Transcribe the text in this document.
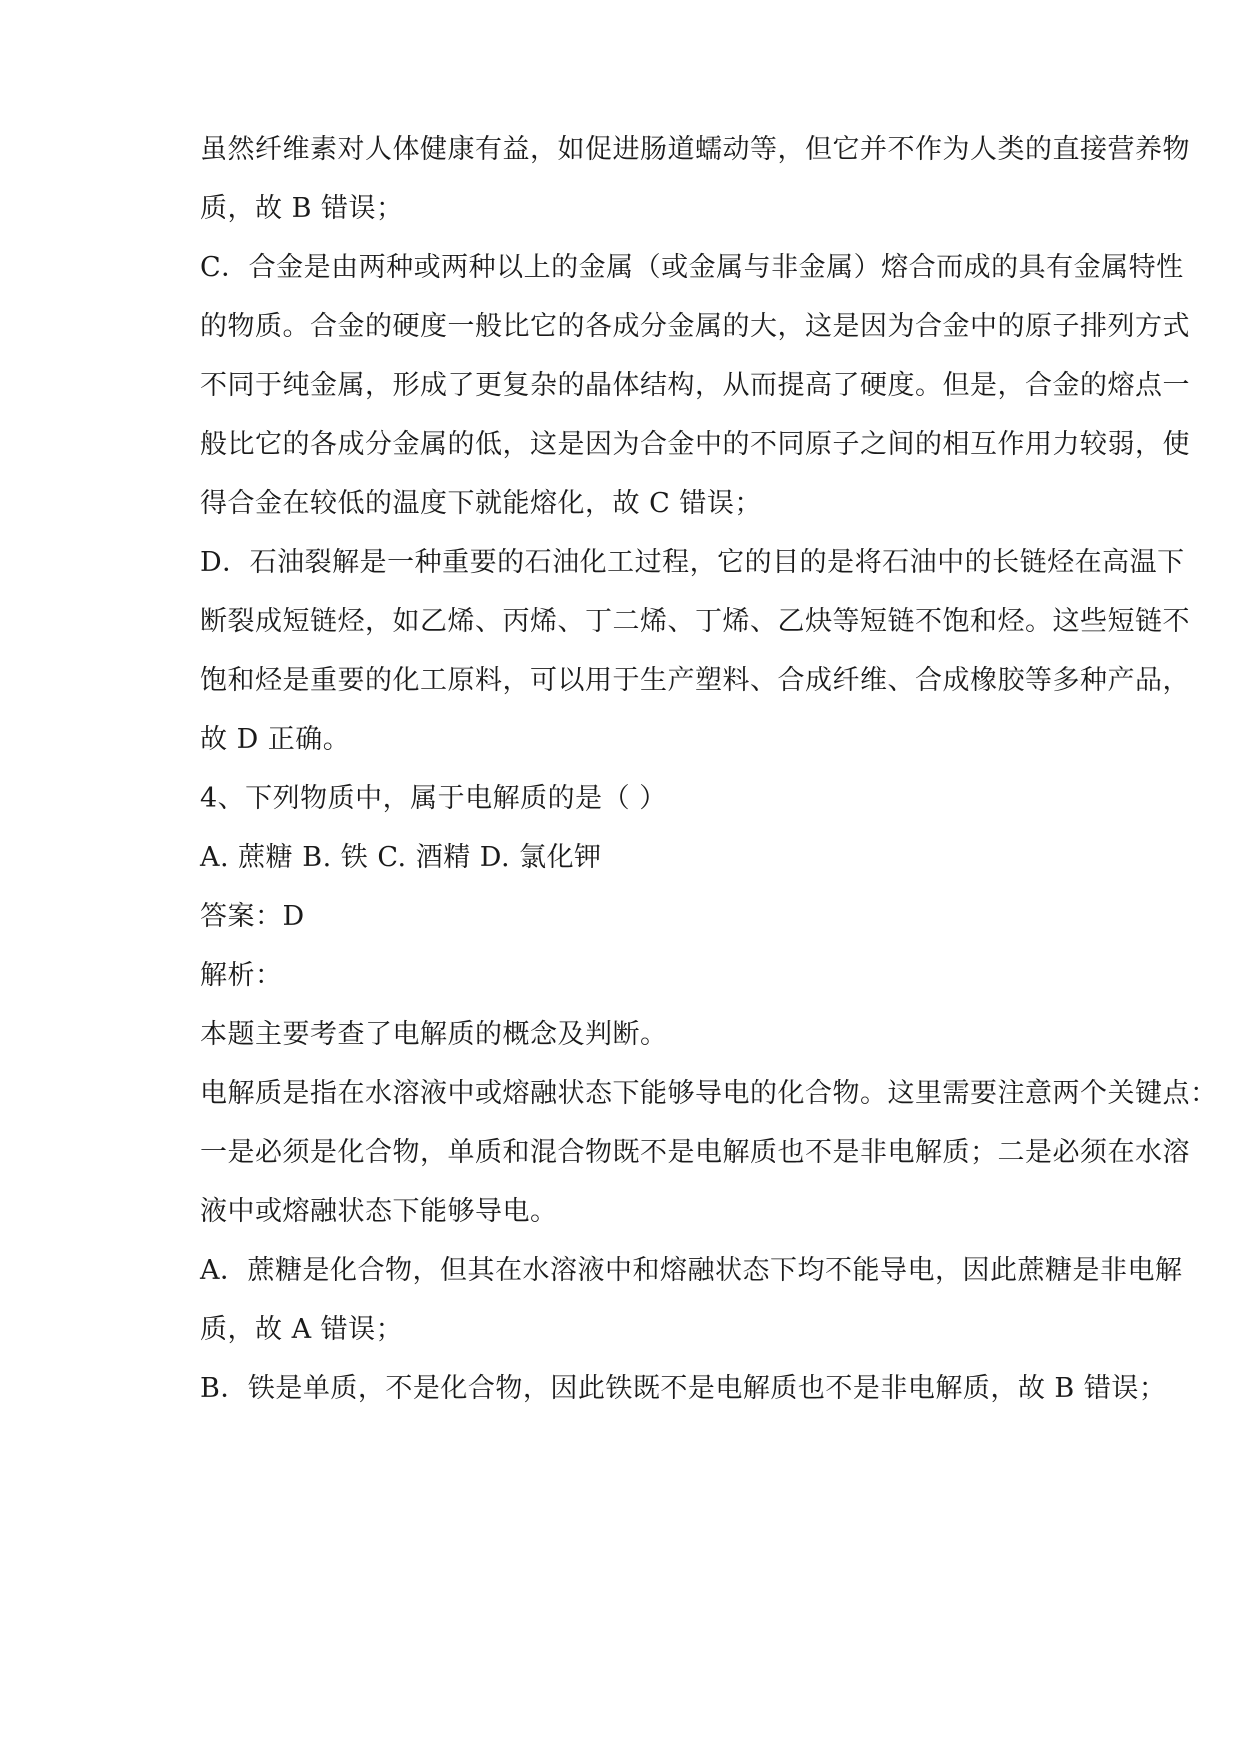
虽然纤维素对人体健康有益，如促进肠道蠕动等，但它并不作为人类的直接营养物
质，故 B 错误；
C．合金是由两种或两种以上的金属（或金属与非金属）熔合而成的具有金属特性
的物质。合金的硬度一般比它的各成分金属的大，这是因为合金中的原子排列方式
不同于纯金属，形成了更复杂的晶体结构，从而提高了硬度。但是，合金的熔点一
般比它的各成分金属的低，这是因为合金中的不同原子之间的相互作用力较弱，使
得合金在较低的温度下就能熔化，故 C 错误；
D．石油裂解是一种重要的石油化工过程，它的目的是将石油中的长链烃在高温下
断裂成短链烃，如乙烯、丙烯、丁二烯、丁烯、乙炔等短链不饱和烃。这些短链不
饱和烃是重要的化工原料，可以用于生产塑料、合成纤维、合成橡胶等多种产品，
故 D 正确。
4、下列物质中，属于电解质的是（ ）
A. 蔗糖 B. 铁 C. 酒精 D. 氯化钾
答案：D
解析：
本题主要考查了电解质的概念及判断。
电解质是指在水溶液中或熔融状态下能够导电的化合物。这里需要注意两个关键点：
一是必须是化合物，单质和混合物既不是电解质也不是非电解质；二是必须在水溶
液中或熔融状态下能够导电。
A．蔗糖是化合物，但其在水溶液中和熔融状态下均不能导电，因此蔗糖是非电解
质，故 A 错误；
B．铁是单质，不是化合物，因此铁既不是电解质也不是非电解质，故 B 错误；
